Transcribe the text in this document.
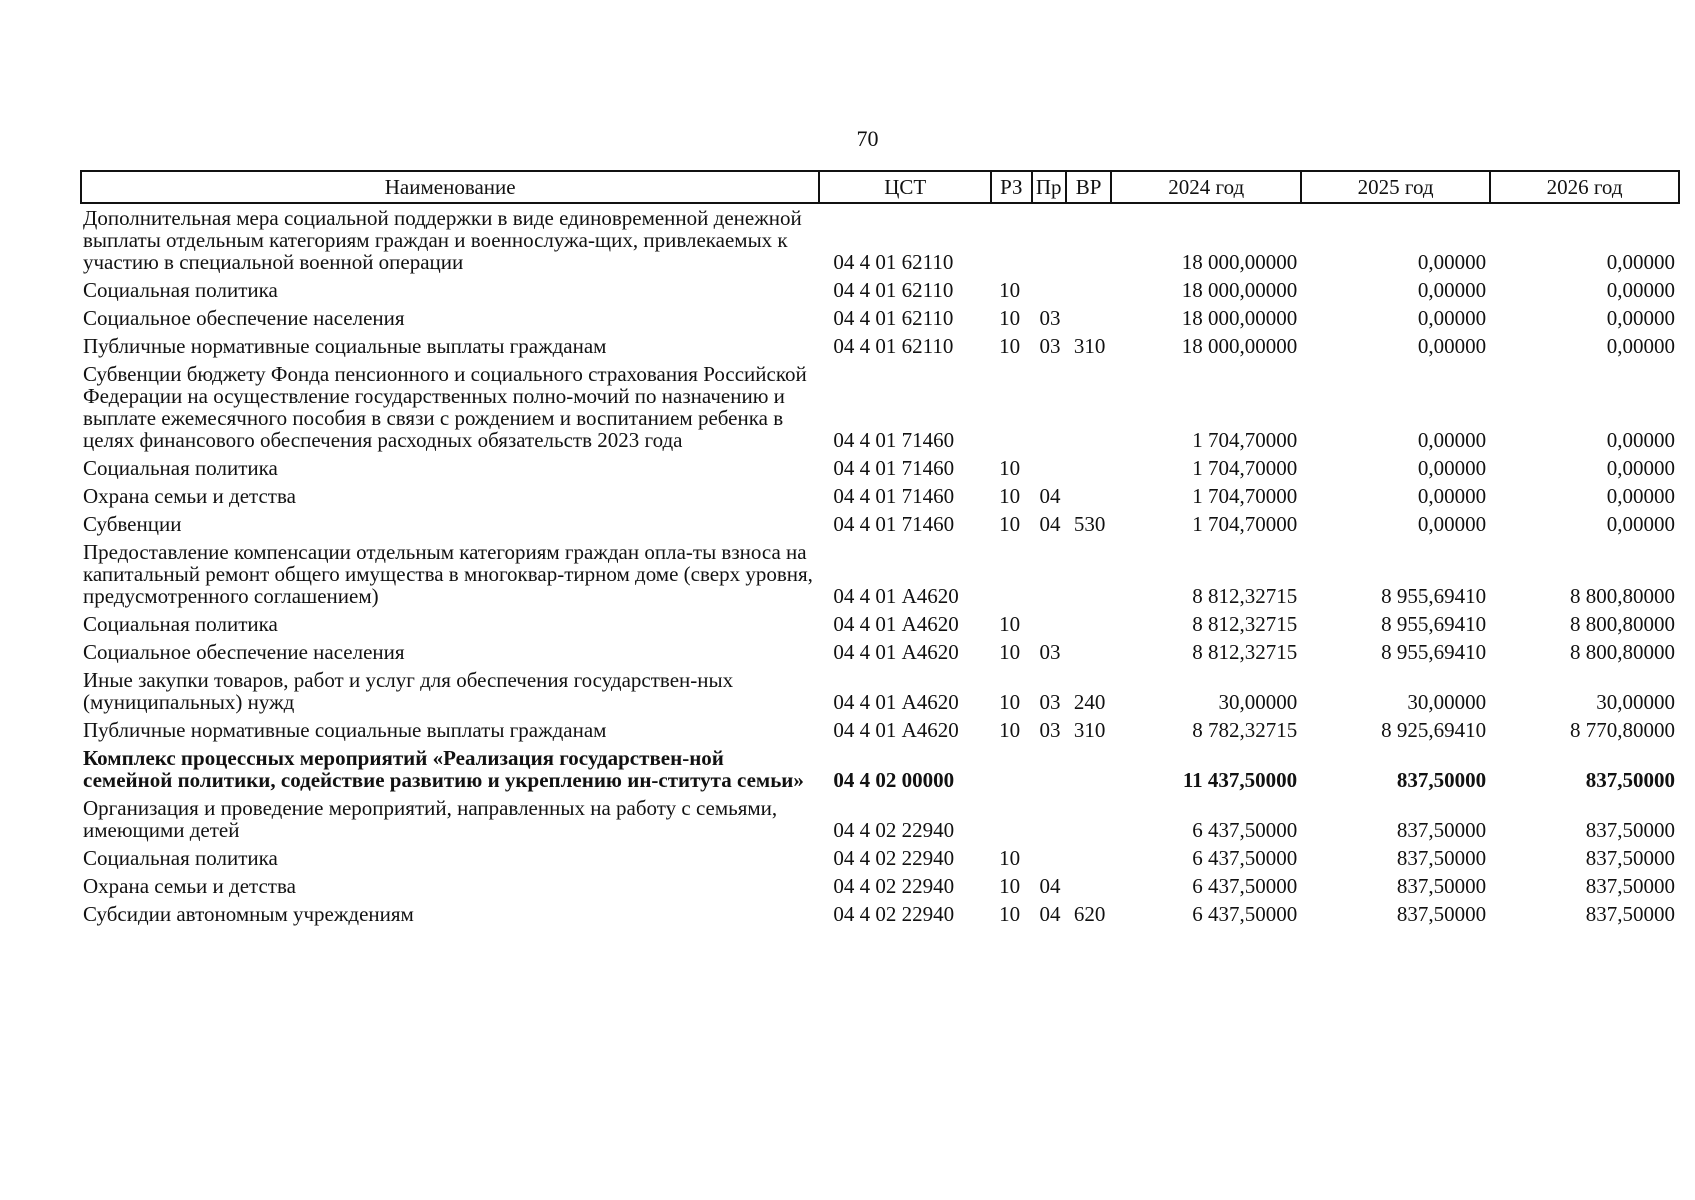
70
Наименование	ЦСТ	РЗ	Пр	ВР	2024 год	2025 год	2026 год
Дополнительная мера социальной поддержки в виде единовременной денежной выплаты отдельным категориям граждан и военнослужа-щих, привлекаемых к участию в специальной военной операции	04 4 01 62110				18 000,00000	0,00000	0,00000
Социальная политика	04 4 01 62110	10			18 000,00000	0,00000	0,00000
Социальное обеспечение населения	04 4 01 62110	10	03		18 000,00000	0,00000	0,00000
Публичные нормативные социальные выплаты гражданам	04 4 01 62110	10	03	310	18 000,00000	0,00000	0,00000
Субвенции бюджету Фонда пенсионного и социального страхования Российской Федерации на осуществление государственных полно-мочий по назначению и выплате ежемесячного пособия в связи с рождением и воспитанием ребенка в целях финансового обеспечения расходных обязательств 2023 года	04 4 01 71460				1 704,70000	0,00000	0,00000
Социальная политика	04 4 01 71460	10			1 704,70000	0,00000	0,00000
Охрана семьи и детства	04 4 01 71460	10	04		1 704,70000	0,00000	0,00000
Субвенции	04 4 01 71460	10	04	530	1 704,70000	0,00000	0,00000
Предоставление компенсации отдельным категориям граждан опла-ты взноса на капитальный ремонт общего имущества в многоквар-тирном доме (сверх уровня, предусмотренного соглашением)	04 4 01 А4620				8 812,32715	8 955,69410	8 800,80000
Социальная политика	04 4 01 А4620	10			8 812,32715	8 955,69410	8 800,80000
Социальное обеспечение населения	04 4 01 А4620	10	03		8 812,32715	8 955,69410	8 800,80000
Иные закупки товаров, работ и услуг для обеспечения государствен-ных (муниципальных) нужд	04 4 01 А4620	10	03	240	30,00000	30,00000	30,00000
Публичные нормативные социальные выплаты гражданам	04 4 01 А4620	10	03	310	8 782,32715	8 925,69410	8 770,80000
Комплекс процессных мероприятий «Реализация государствен-ной семейной политики, содействие развитию и укреплению ин-ститута семьи»	04 4 02 00000				11 437,50000	837,50000	837,50000
Организация и проведение мероприятий, направленных на работу с семьями, имеющими детей	04 4 02 22940				6 437,50000	837,50000	837,50000
Социальная политика	04 4 02 22940	10			6 437,50000	837,50000	837,50000
Охрана семьи и детства	04 4 02 22940	10	04		6 437,50000	837,50000	837,50000
Субсидии автономным учреждениям	04 4 02 22940	10	04	620	6 437,50000	837,50000	837,50000
